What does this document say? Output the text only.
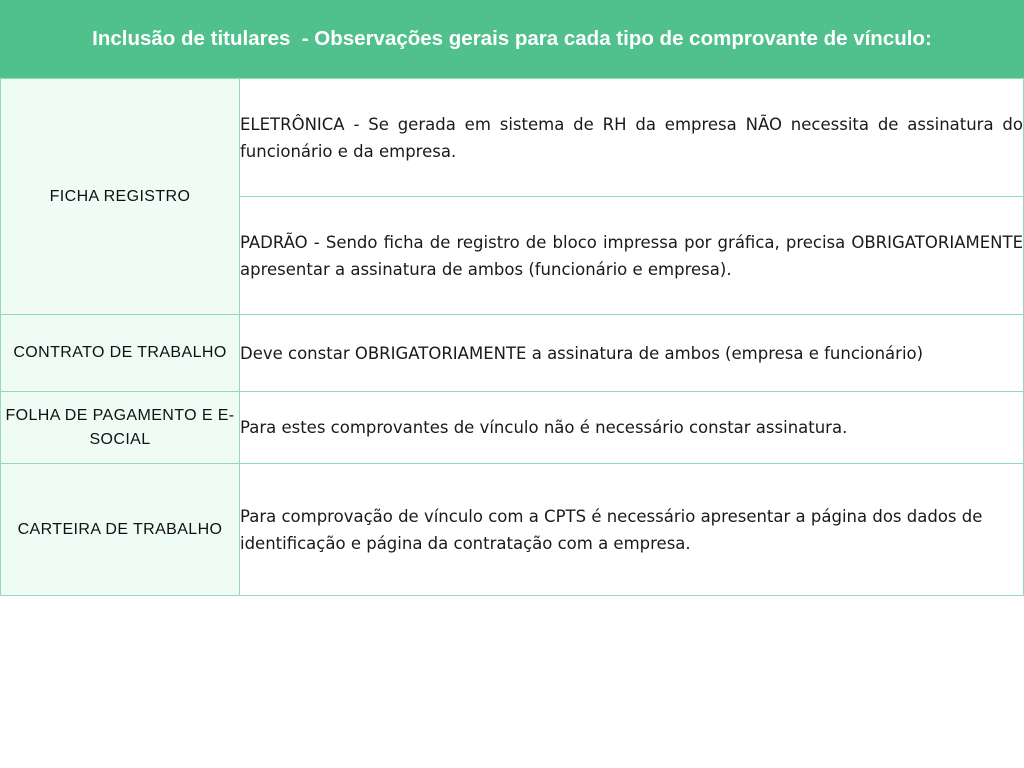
Inclusão de titulares  - Observações gerais para cada tipo de comprovante de vínculo:
FICHA REGISTRO	ELETRÔNICA - Se gerada em sistema de RH da empresa NÃO necessita de assinatura do funcionário e da empresa.
	PADRÃO - Sendo ficha de registro de bloco impressa por gráfica, precisa OBRIGATORIAMENTE apresentar a assinatura de ambos (funcionário e empresa).
CONTRATO DE TRABALHO	Deve constar OBRIGATORIAMENTE a assinatura de ambos (empresa e funcionário)
FOLHA DE PAGAMENTO E E-SOCIAL	Para estes comprovantes de vínculo não é necessário constar assinatura.
CARTEIRA DE TRABALHO	Para comprovação de vínculo com a CPTS é necessário apresentar a página dos dados de identificação e página da contratação com a empresa.
